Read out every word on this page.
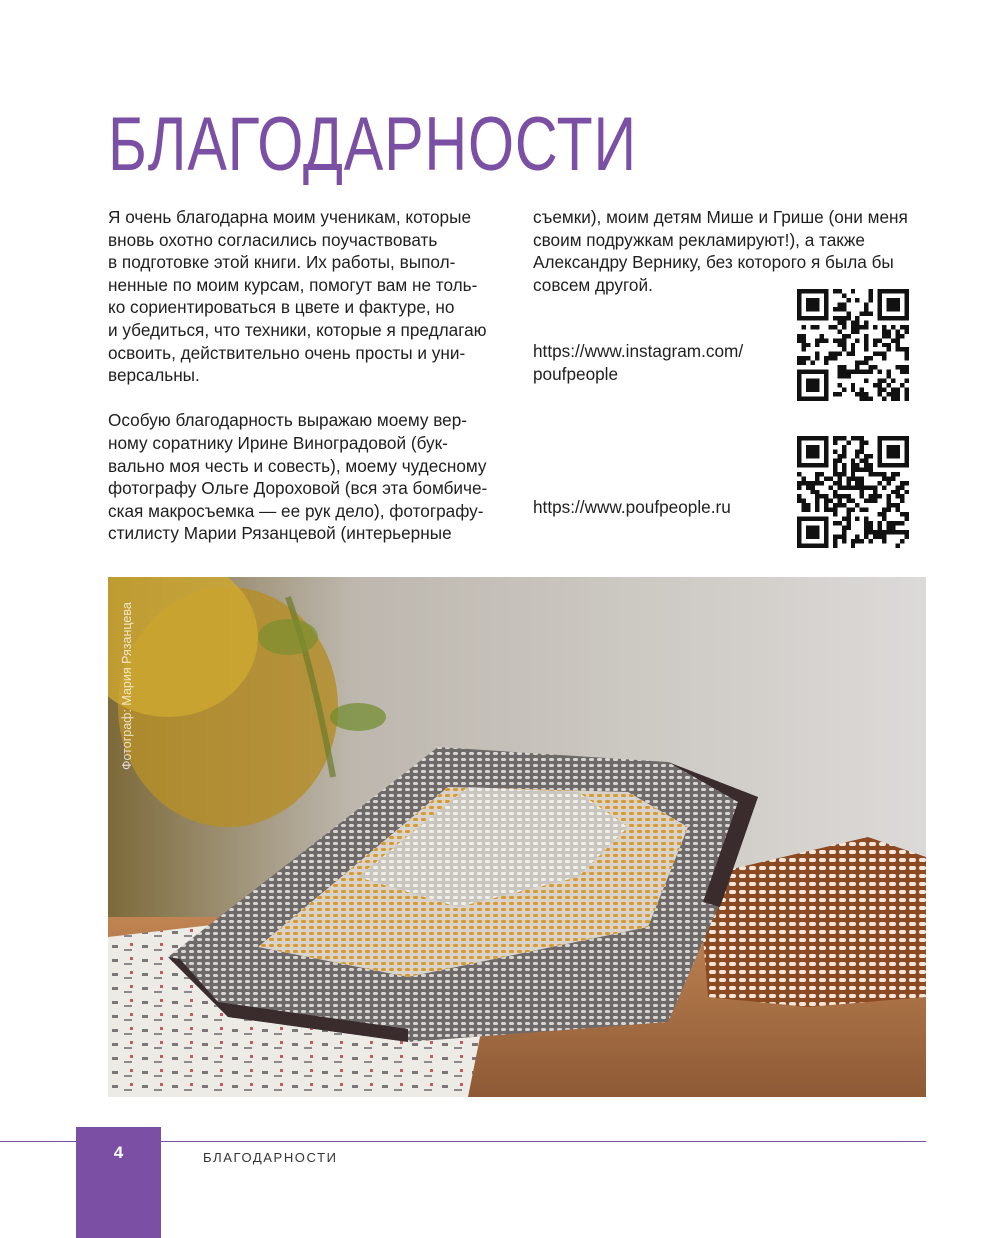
БЛАГОДАРНОСТИ
Я очень благодарна моим ученикам, которые
вновь охотно согласились поучаствовать
в подготовке этой книги. Их работы, выпол-
ненные по моим курсам, помогут вам не толь-
ко сориентироваться в цвете и фактуре, но
и убедиться, что техники, которые я предлагаю
освоить, действительно очень просты и уни-
версальны.
Особую благодарность выражаю моему вер-
ному соратнику Ирине Виноградовой (бук-
вально моя честь и совесть), моему чудесному
фотографу Ольге Дороховой (вся эта бомбиче-
ская макросъемка — ее рук дело), фотографу-
стилисту Марии Рязанцевой (интерьерные
съемки), моим детям Мише и Грише (они меня
своим подружкам рекламируют!), а также
Александру Вернику, без которого я была бы
совсем другой.
https://www.instagram.com/
poufpeople
https://www.poufpeople.ru
Фотограф: Мария Рязанцева
4	БЛАГОДАРНОСТИ
